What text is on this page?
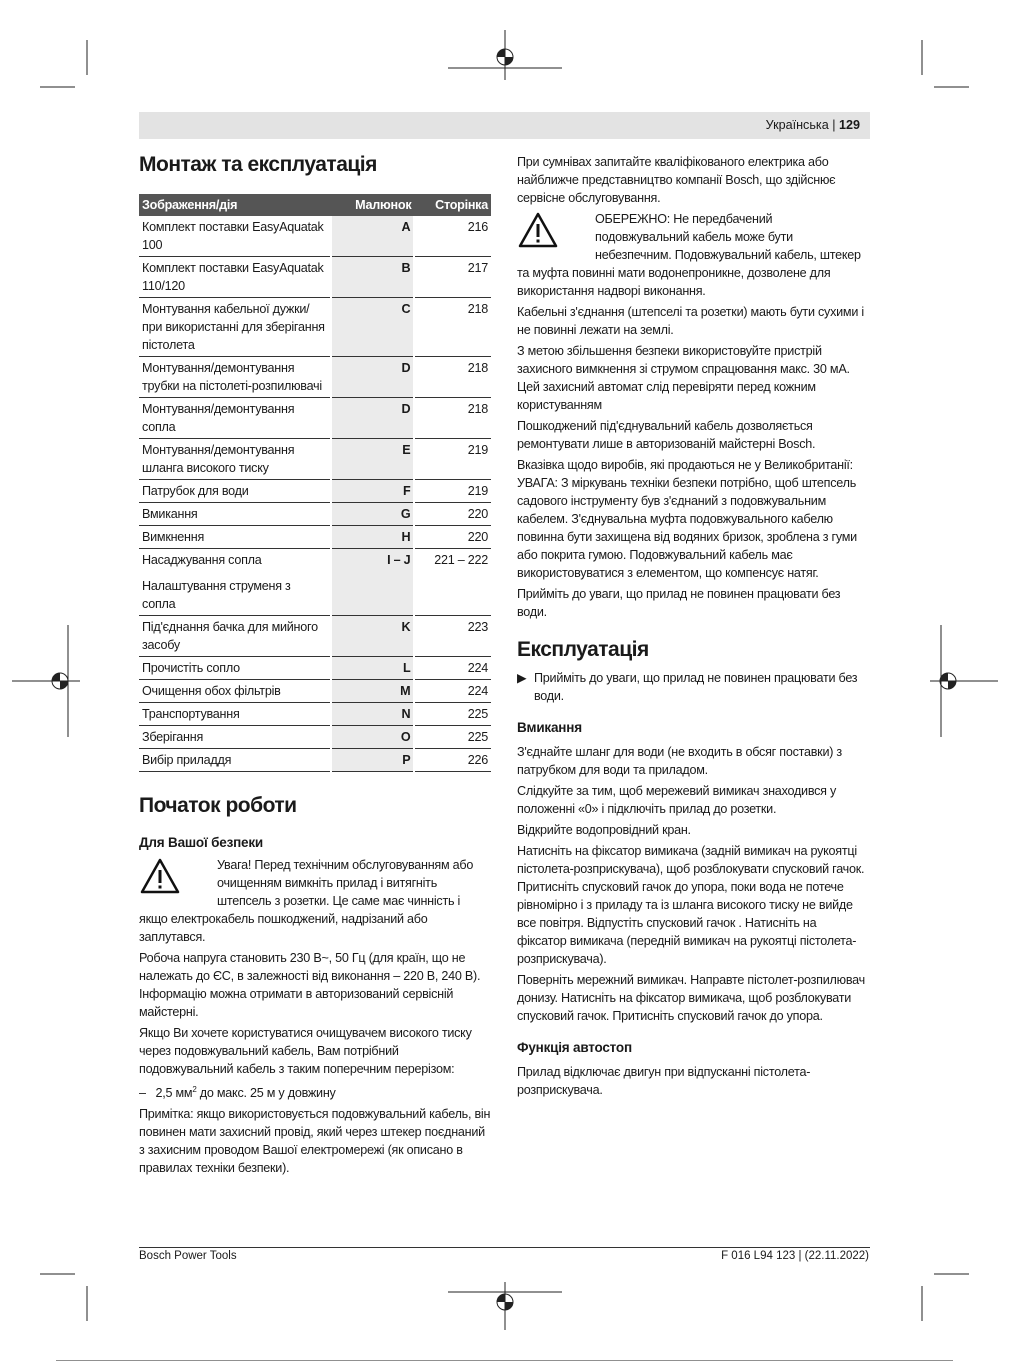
Українська | 129
Монтаж та експлуатація
Зображення/дія	Малюнок	Сторінка

Комплект поставки EasyAquatak 100	A	216

Комплект поставки EasyAquatak 110/120	B	217

Монтування кабельної дужки/ при використанні для зберігання пістолета	C	218

Монтування/демонтування трубки на пістолеті-розпилювачі	D	218

Монтування/демонтування сопла	D	218

Монтування/демонтування шланга високого тиску	E	219

Патрубок для води	F	219

Вмикання	G	220

Вимкнення	H	220

Насаджування сопла
Налаштування струменя з сопла	I – J	221 – 222

Під'єднання бачка для мийного засобу	K	223

Прочистіть сопло	L	224

Очищення обох фільтрів	M	224

Транспортування	N	225

Зберігання	O	225

Вибір приладдя	P	226
Початок роботи
Для Вашої безпеки

Увага! Перед технічним обслуговуванням або очищенням вимкніть прилад і витягніть штепсель з розетки. Це саме має чинність і якщо електрокабель пошкоджений, надрізаний або заплутався.

Робоча напруга становить 230 В~, 50 Гц (для країн, що не належать до ЄС, в залежності від виконання – 220 В, 240 В). Інформацію можна отримати в авторизований сервісній майстерні.

Якщо Ви хочете користуватися очищувачем високого тиску через подовжувальний кабель, Вам потрібний подовжувальний кабель з таким поперечним перерізом:

– 2,5 $мм^2$ до макс. 25 м у довжину

Примітка: якщо використовується подовжувальний кабель, він повинен мати захисний провід, який через штекер поєднаний з захисним проводом Вашої електромережі (як описано в правилах техніки безпеки).

При сумнівах запитайте кваліфікованого електрика або найближче представництво компанії Bosch, що здійснює сервісне обслуговування.

ОБЕРЕЖНО: Не передбачений подовжувальний кабель може бути небезпечним. Подовжувальний кабель, штекер та муфта повинні мати водонепроникне, дозволене для використання надворі виконання.

Кабельні з'єднання (штепселі та розетки) мають бути сухими і не повинні лежати на землі.

З метою збільшення безпеки використовуйте пристрій захисного вимкнення зі струмом спрацювання макс. 30 мА. Цей захисний автомат слід перевіряти перед кожним користуванням

Пошкоджений під'єднувальний кабель дозволяється ремонтувати лише в авторизованій майстерні Bosch.

Вказівка щодо виробів, які продаються не у Великобританії:

УВАГА: З міркувань техніки безпеки потрібно, щоб штепсель садового інструменту був з'єднаний з подовжувальним кабелем. З'єднувальна муфта подовжувального кабелю повинна бути захищена від водяних бризок, зроблена з гуми або покрита гумою. Подовжувальний кабель має використовуватися з елементом, що компенсує натяг.

Прийміть до уваги, що прилад не повинен працювати без води.

Експлуатація

▶ Прийміть до уваги, що прилад не повинен працювати без води.

Вмикання

З'єднайте шланг для води (не входить в обсяг поставки) з патрубком для води та приладом.

Слідкуйте за тим, щоб мережевий вимикач знаходився у положенні «0» і підключіть прилад до розетки.

Відкрийте водопровідний кран.

Натисніть на фіксатор вимикача (задній вимикач на рукоятці пістолета-розприскувача), щоб розблокувати спусковий гачок. Притисніть спусковий гачок до упора, поки вода не потече рівномірно і з приладу та із шланга високого тиску не вийде все повітря. Відпустіть спусковий гачок . Натисніть на фіксатор вимикача (передній вимикач на рукоятці пістолета-розприскувача).

Поверніть мережний вимикач. Направте пістолет-розпилювач донизу. Натисніть на фіксатор вимикача, щоб розблокувати спусковий гачок. Притисніть спусковий гачок до упора.

Функція автостоп

Прилад відключає двигун при відпусканні пістолета-розприскувача.

Bosch Power Tools	F 016 L94 123 | (22.11.2022)
